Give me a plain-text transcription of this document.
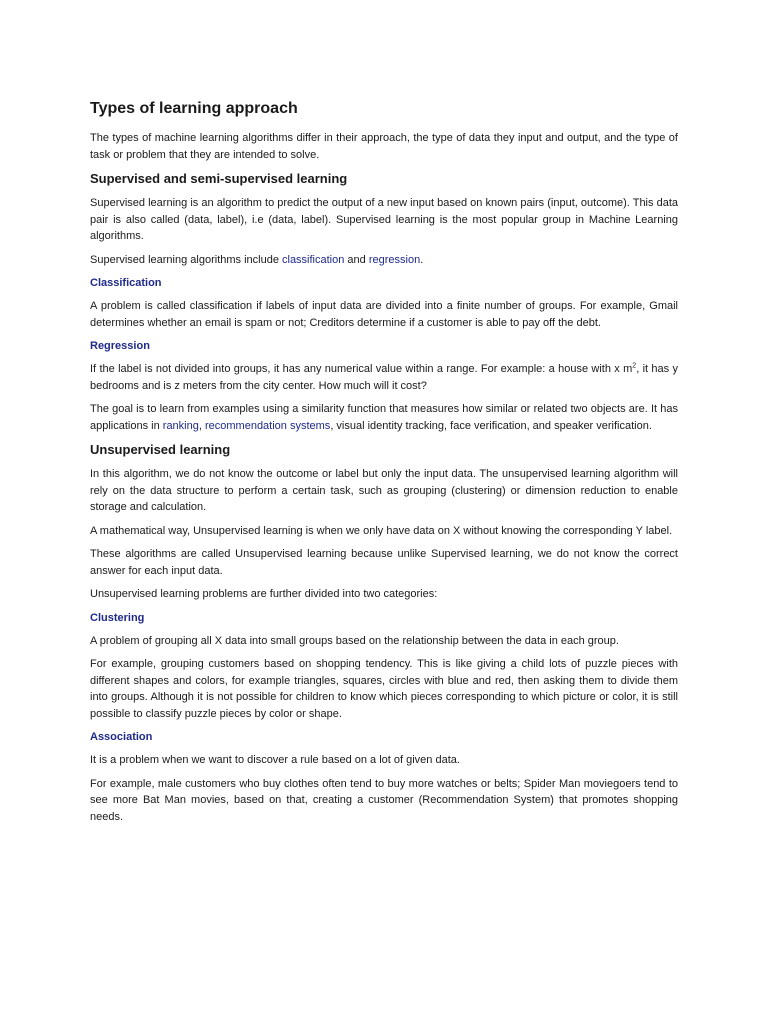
Types of learning approach

The types of machine learning algorithms differ in their approach, the type of data they input and output, and the type of task or problem that they are intended to solve.

Supervised and semi-supervised learning

Supervised learning is an algorithm to predict the output of a new input based on known pairs (input, outcome). This data pair is also called (data, label), i.e (data, label). Supervised learning is the most popular group in Machine Learning algorithms.

Supervised learning algorithms include classification and regression.

Classification

A problem is called classification if labels of input data are divided into a finite number of groups. For example, Gmail determines whether an email is spam or not; Creditors determine if a customer is able to pay off the debt.

Regression

If the label is not divided into groups, it has any numerical value within a range. For example: a house with x $m^2$, it has y bedrooms and is z meters from the city center. How much will it cost?

The goal is to learn from examples using a similarity function that measures how similar or related two objects are. It has applications in ranking, recommendation systems, visual identity tracking, face verification, and speaker verification.

Unsupervised learning

In this algorithm, we do not know the outcome or label but only the input data. The unsupervised learning algorithm will rely on the data structure to perform a certain task, such as grouping (clustering) or dimension reduction to enable storage and calculation.

A mathematical way, Unsupervised learning is when we only have data on X without knowing the corresponding Y label.

These algorithms are called Unsupervised learning because unlike Supervised learning, we do not know the correct answer for each input data.

Unsupervised learning problems are further divided into two categories:

Clustering

A problem of grouping all X data into small groups based on the relationship between the data in each group.

For example, grouping customers based on shopping tendency. This is like giving a child lots of puzzle pieces with different shapes and colors, for example triangles, squares, circles with blue and red, then asking them to divide them into groups. Although it is not possible for children to know which pieces corresponding to which picture or color, it is still possible to classify puzzle pieces by color or shape.

Association

It is a problem when we want to discover a rule based on a lot of given data.

For example, male customers who buy clothes often tend to buy more watches or belts; Spider Man moviegoers tend to see more Bat Man movies, based on that, creating a customer (Recommendation System) that promotes shopping needs.
